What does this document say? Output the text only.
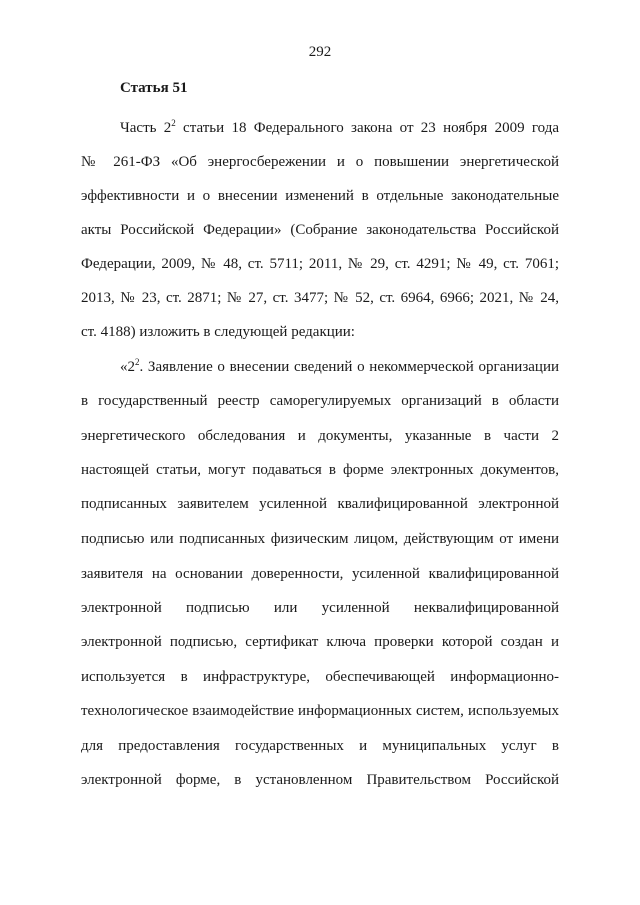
292
Статья 51
Часть $2^2$ статьи 18 Федерального закона от 23 ноября 2009 года
№ 261-ФЗ «Об энергосбережении и о повышении энергетической
эффективности и о внесении изменений в отдельные законодательные
акты Российской Федерации» (Собрание законодательства Российской
Федерации, 2009, № 48, ст. 5711; 2011, № 29, ст. 4291; № 49, ст. 7061;
2013, № 23, ст. 2871; № 27, ст. 3477; № 52, ст. 6964, 6966; 2021, № 24,
ст. 4188) изложить в следующей редакции:
«$2^2$. Заявление о внесении сведений о некоммерческой организации
в государственный реестр саморегулируемых организаций в области
энергетического обследования и документы, указанные в части 2
настоящей статьи, могут подаваться в форме электронных документов,
подписанных заявителем усиленной квалифицированной электронной
подписью или подписанных физическим лицом, действующим от имени
заявителя на основании доверенности, усиленной квалифицированной
электронной подписью или усиленной неквалифицированной
электронной подписью, сертификат ключа проверки которой создан и
используется в инфраструктуре, обеспечивающей информационно-
технологическое взаимодействие информационных систем, используемых
для предоставления государственных и муниципальных услуг в
электронной форме, в установленном Правительством Российской
